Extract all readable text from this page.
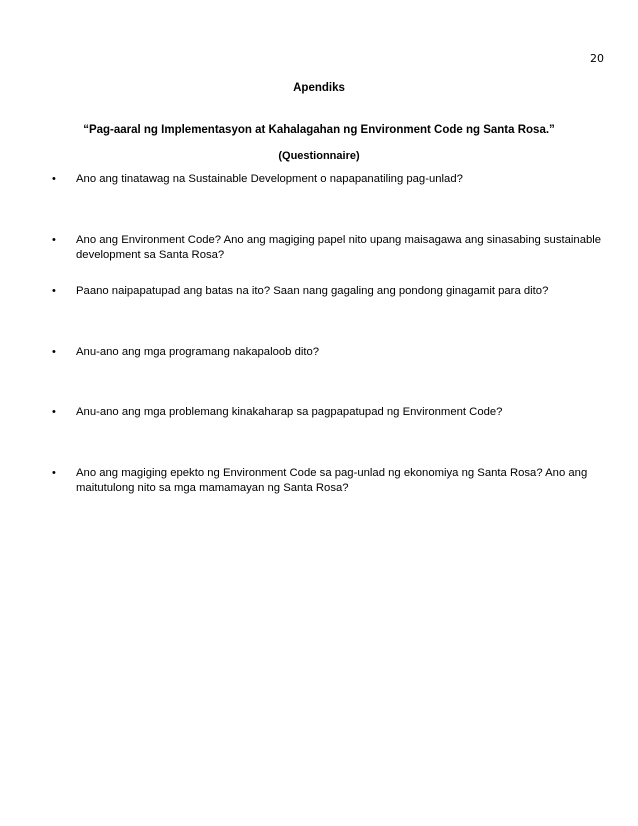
20
Apendiks
“Pag-aaral ng Implementasyon at Kahalagahan ng Environment Code ng Santa Rosa.”
(Questionnaire)
• Ano ang tinatawag na Sustainable Development o napapanatiling pag-unlad?
• Ano ang Environment Code? Ano ang magiging papel nito upang maisagawa ang sinasabing sustainable development sa Santa Rosa?
• Paano naipapatupad ang batas na ito? Saan nang gagaling ang pondong ginagamit para dito?
• Anu-ano ang mga programang nakapaloob dito?
• Anu-ano ang mga problemang kinakaharap sa pagpapatupad ng Environment Code?
• Ano ang magiging epekto ng Environment Code sa pag-unlad ng ekonomiya ng Santa Rosa? Ano ang maitutulong nito sa mga mamamayan ng Santa Rosa?
